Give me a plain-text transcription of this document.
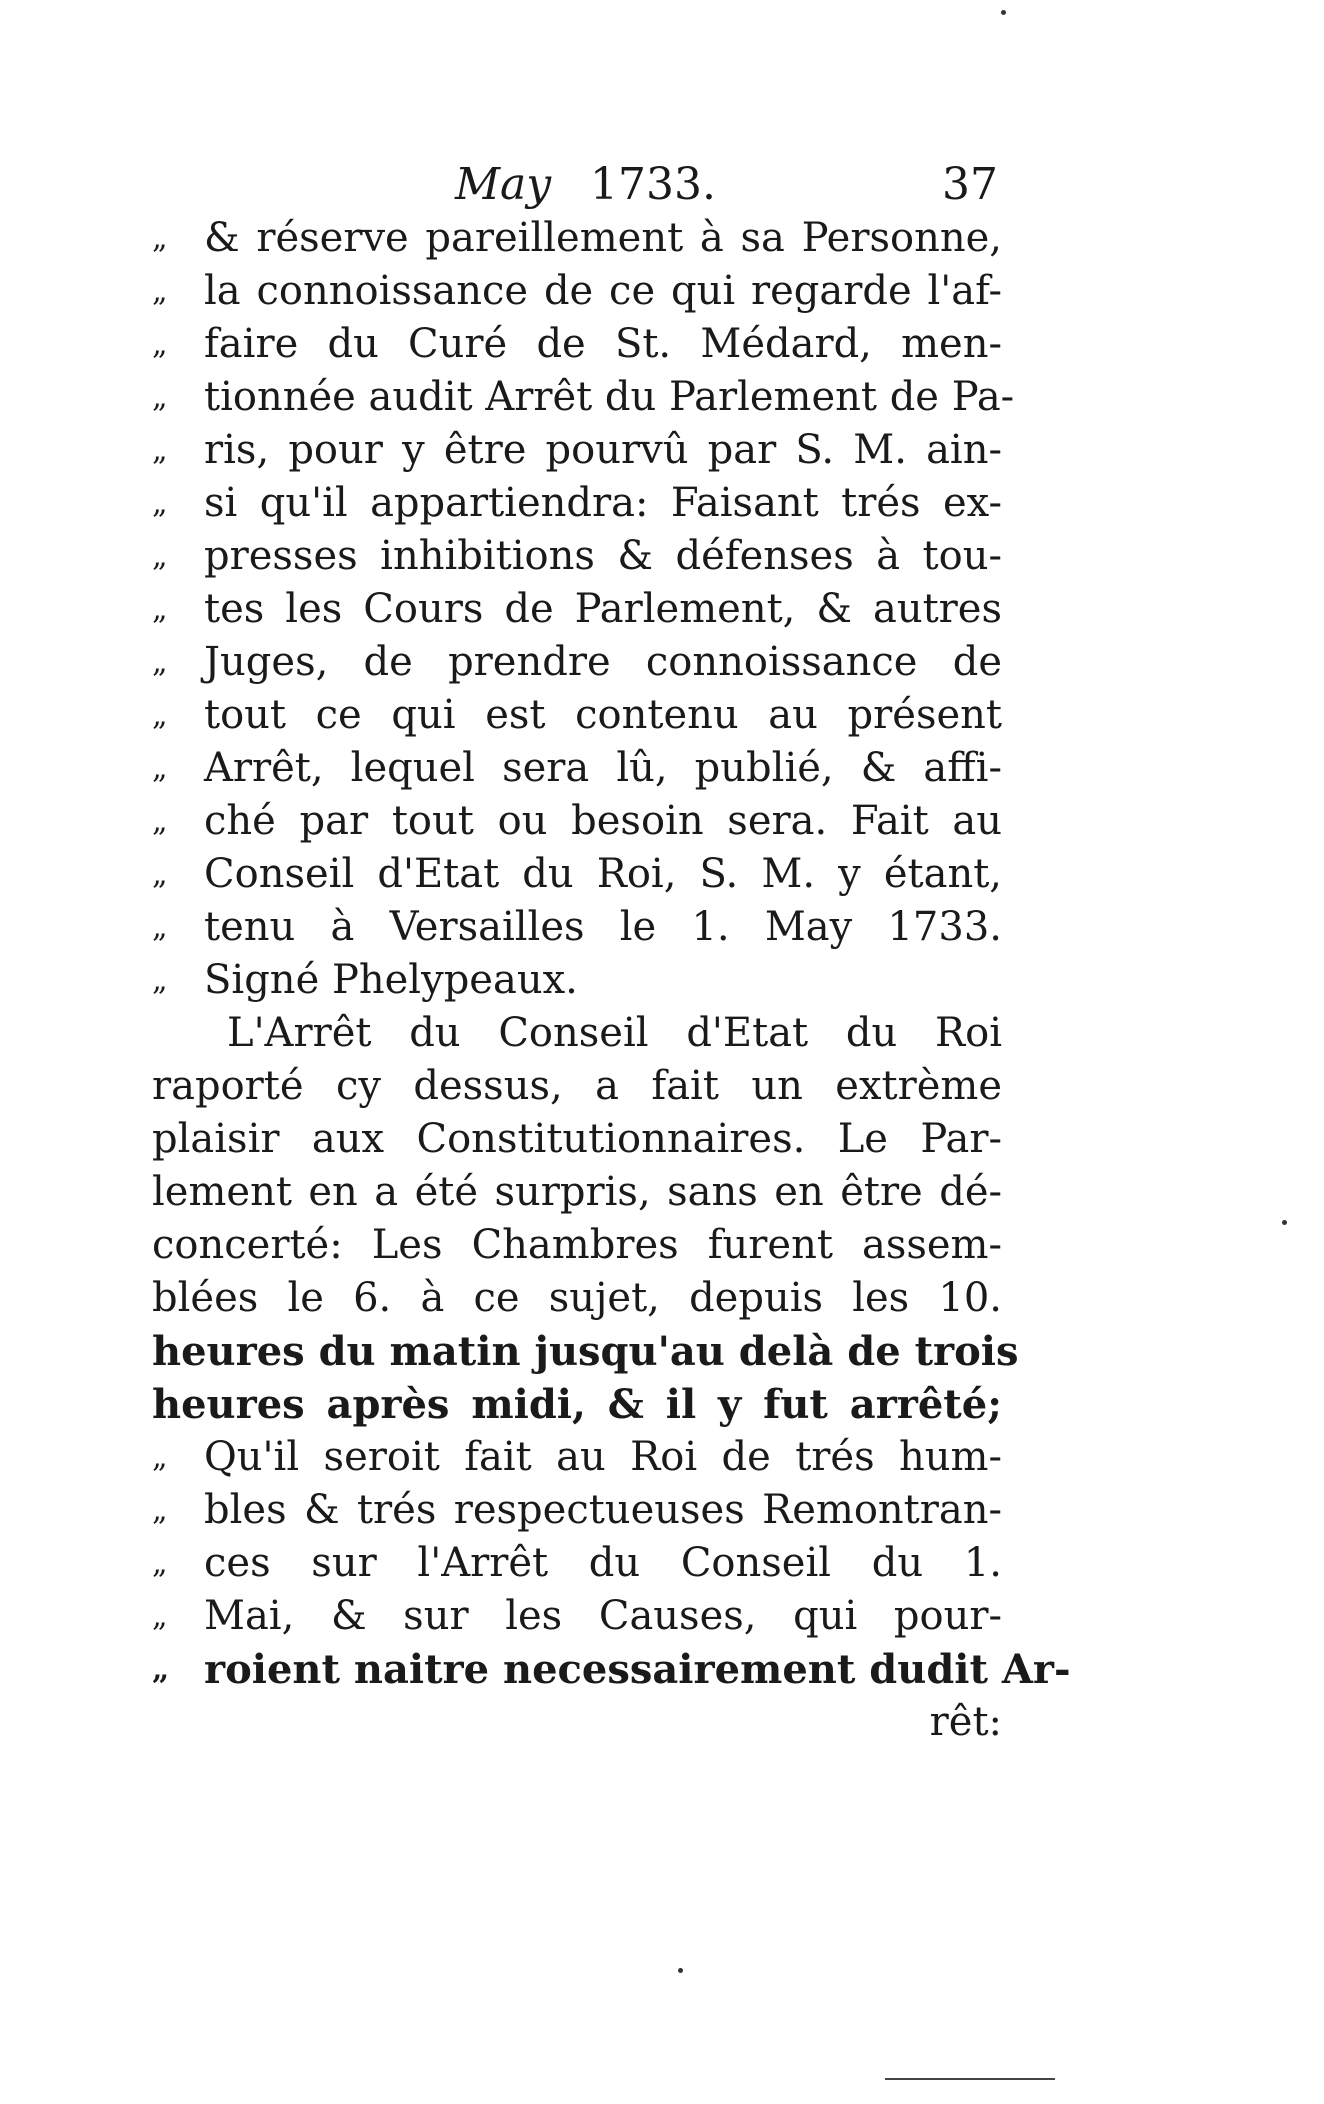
May 1733.	37
„ & réserve pareillement à sa Personne,
„ la connoissance de ce qui regarde l'af-
„ faire du Curé de St. Médard, men-
„ tionnée audit Arrêt du Parlement de Pa-
„ ris, pour y être pourvû par S. M. ain-
„ si qu'il appartiendra: Faisant trés ex-
„ presses inhibitions & défenses à tou-
„ tes les Cours de Parlement, & autres
„ Juges, de prendre connoissance de
„ tout ce qui est contenu au présent
„ Arrêt, lequel sera lû, publié, & affi-
„ ché par tout ou besoin sera. Fait au
„ Conseil d'Etat du Roi, S. M. y étant,
„ tenu à Versailles le 1. May 1733.
„ Signé Phelypeaux.
L'Arrêt du Conseil d'Etat du Roi
raporté cy dessus, a fait un extrème
plaisir aux Constitutionnaires. Le Par-
lement en a été surpris, sans en être dé-
concerté: Les Chambres furent assem-
blées le 6. à ce sujet, depuis les 10.
heures du matin jusqu'au delà de trois
heures après midi, & il y fut arrêté;
„ Qu'il seroit fait au Roi de trés hum-
„ bles & trés respectueuses Remontran-
„ ces sur l'Arrêt du Conseil du 1.
„ Mai, & sur les Causes, qui pour-
„ roient naitre necessairement dudit Ar-
rêt:
